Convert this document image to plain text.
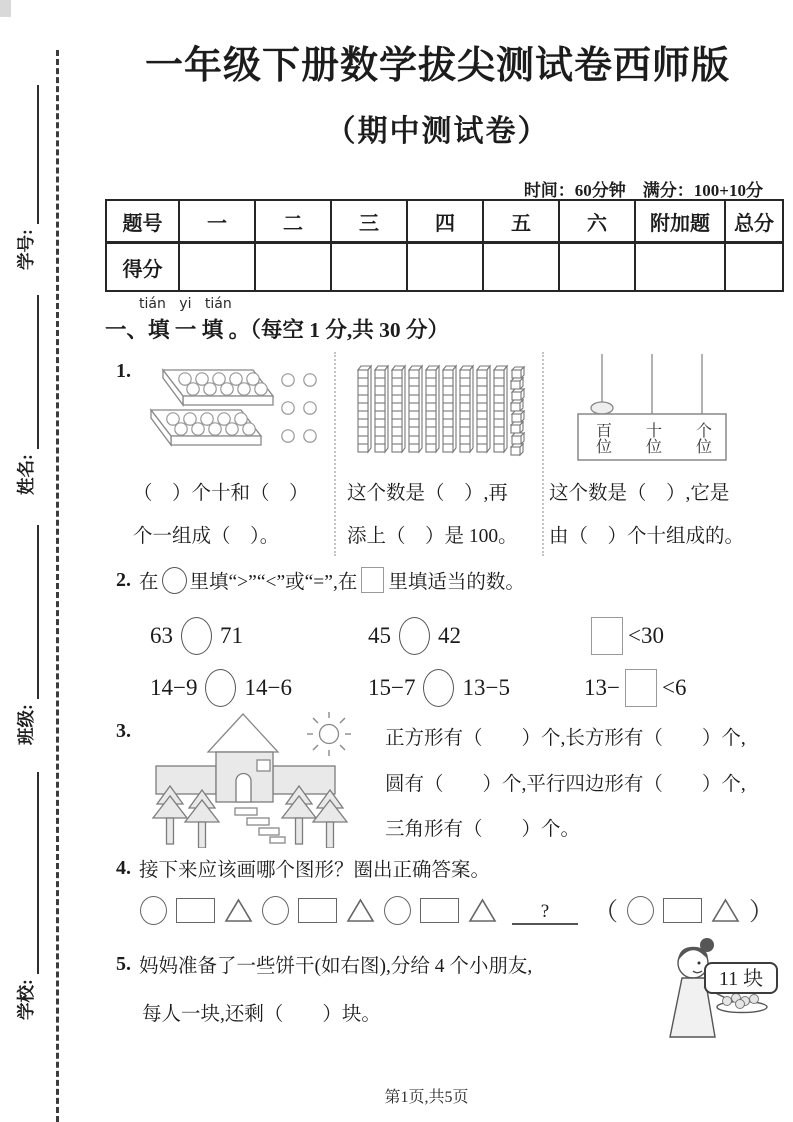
学号:
姓名:
班级:
学校:
一年级下册数学拔尖测试卷西师版
（期中测试卷）
时间：60分钟　满分：100+10分
题号	一	二	三	四	五	六	附加题	总分
得分								
tián yi tián
一、填 一 填 。（每空 1 分,共 30 分）
1.
百位 十位 个位
（　）个十和（　）
个一组成（　）。
这个数是（　）,再
添上（　）是 100。
这个数是（　）,它是
由（　）个十组成的。
2. 在 里填“>”“<”或“=”,在 里填适当的数。
63 71	45 42	<30
14−9 14−6	15−7 13−5	13− <6
3.	正方形有（　　）个,长方形有（　　）个,
圆有（　　）个,平行四边形有（　　）个,
三角形有（　　）个。
4. 接下来应该画哪个图形？圈出正确答案。
? （	）
5. 妈妈准备了一些饼干(如右图),分给 4 个小朋友,
每人一块,还剩（　　）块。
11 块
第1页,共5页
